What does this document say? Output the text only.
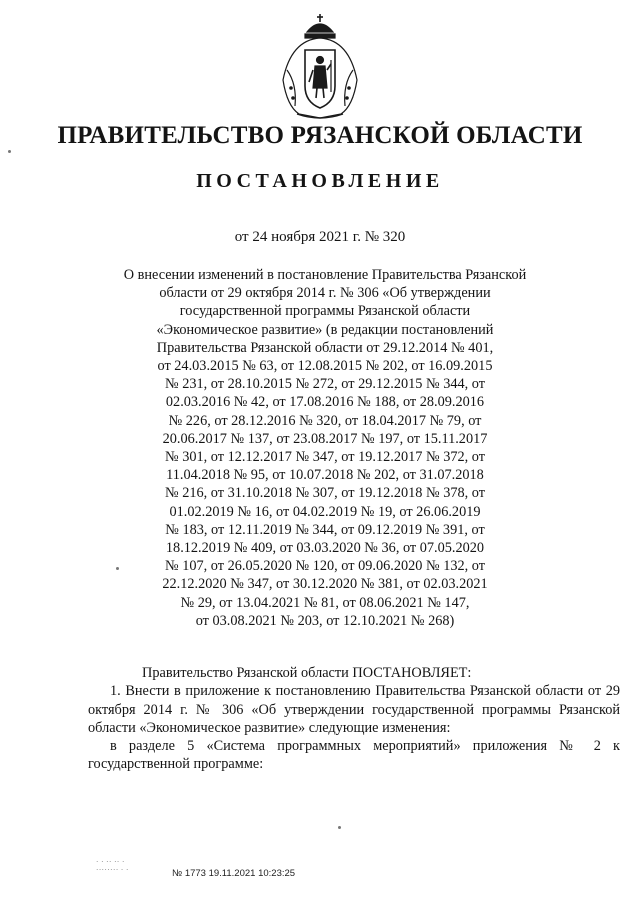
ПРАВИТЕЛЬСТВО РЯЗАНСКОЙ ОБЛАСТИ
ПОСТАНОВЛЕНИЕ

от 24 ноября 2021 г. № 320

О внесении изменений в постановление Правительства Рязанской
области от 29 октября 2014 г. № 306 «Об утверждении
государственной программы Рязанской области
«Экономическое развитие» (в редакции постановлений
Правительства Рязанской области от 29.12.2014 № 401,
от 24.03.2015 № 63, от 12.08.2015 № 202, от 16.09.2015
№ 231, от 28.10.2015 № 272, от 29.12.2015 № 344, от
02.03.2016 № 42, от 17.08.2016 № 188, от 28.09.2016
№ 226, от 28.12.2016 № 320, от 18.04.2017 № 79, от
20.06.2017 № 137, от 23.08.2017 № 197, от 15.11.2017
№ 301, от 12.12.2017 № 347, от 19.12.2017 № 372, от
11.04.2018 № 95, от 10.07.2018 № 202, от 31.07.2018
№ 216, от 31.10.2018 № 307, от 19.12.2018 № 378, от
01.02.2019 № 16, от 04.02.2019 № 19, от 26.06.2019
№ 183, от 12.11.2019 № 344, от 09.12.2019 № 391, от
18.12.2019 № 409, от 03.03.2020 № 36, от 07.05.2020
№ 107, от 26.05.2020 № 120, от 09.06.2020 № 132, от
22.12.2020 № 347, от 30.12.2020 № 381, от 02.03.2021
№ 29, от 13.04.2021 № 81, от 08.06.2021 № 147,
от 03.08.2021 № 203, от 12.10.2021 № 268)

Правительство Рязанской области ПОСТАНОВЛЯЕТ:

1. Внести в приложение к постановлению Правительства Рязанской области от 29 октября 2014 г. № 306 «Об утверждении государственной программы Рязанской области «Экономическое развитие» следующие изменения:

в разделе 5 «Система программных мероприятий» приложения № 2 к государственной программе:

· · ·· ·· ·
········ · ·	№ 1773 19.11.2021 10:23:25
